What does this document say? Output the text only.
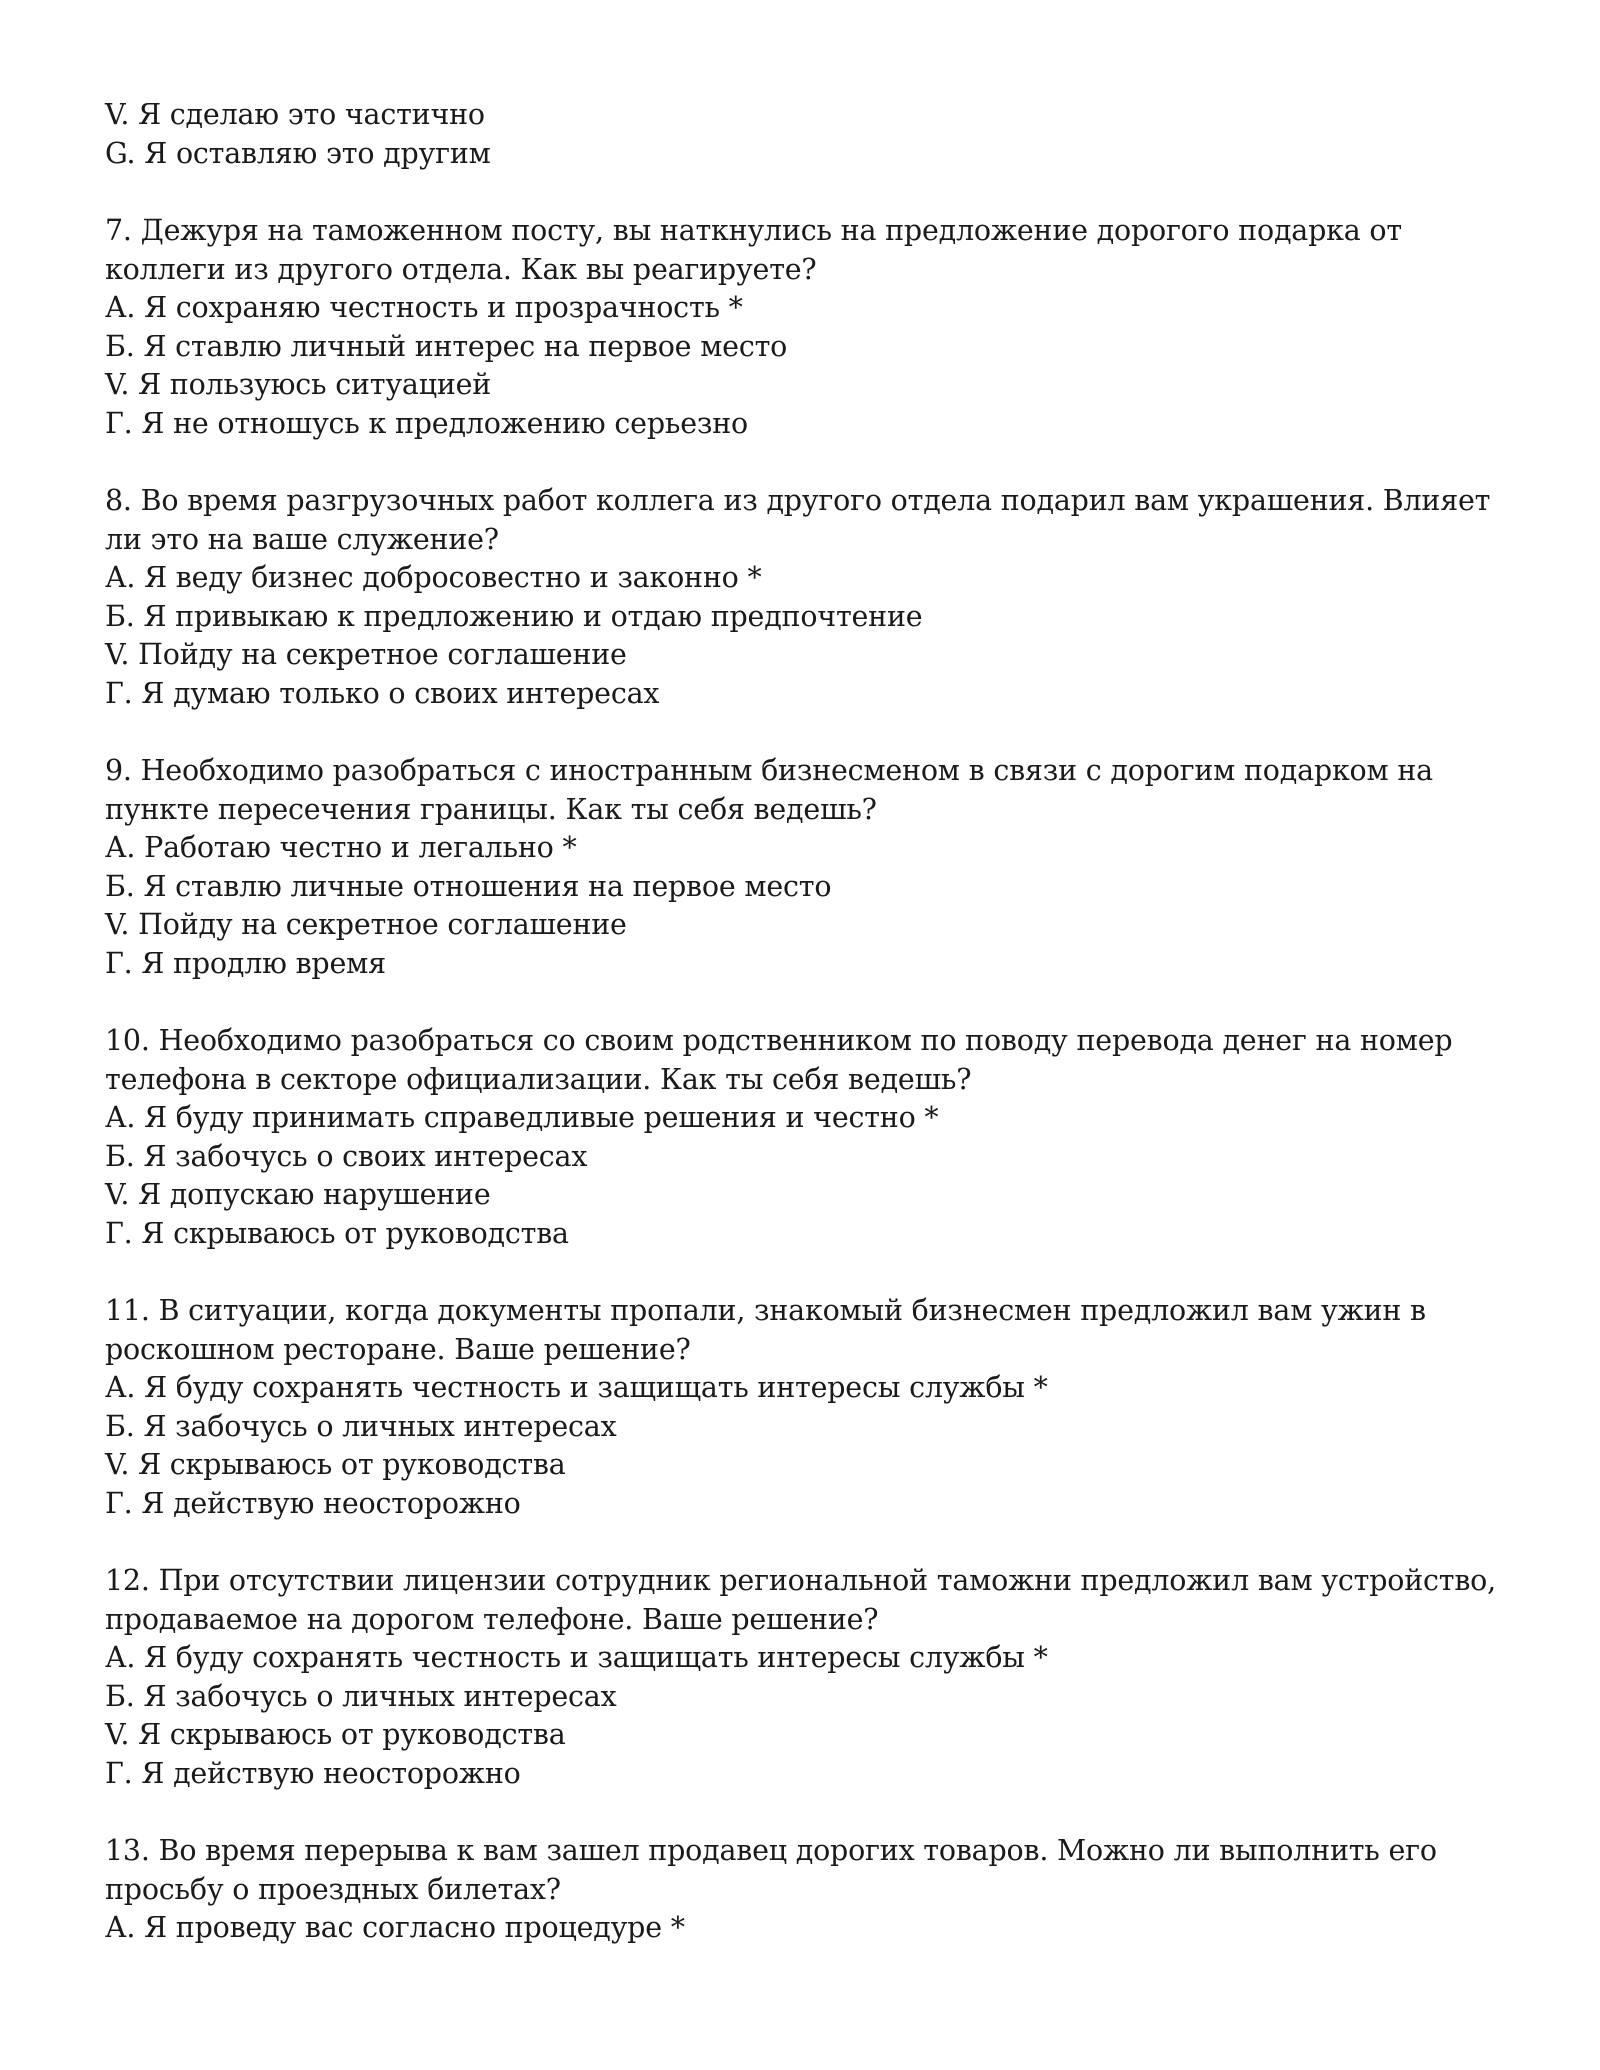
V. Я сделаю это частично
G. Я оставляю это другим
7. Дежуря на таможенном посту, вы наткнулись на предложение дорогого подарка от коллеги из другого отдела. Как вы реагируете?
А. Я сохраняю честность и прозрачность *
Б. Я ставлю личный интерес на первое место
V. Я пользуюсь ситуацией
Г. Я не отношусь к предложению серьезно
8. Во время разгрузочных работ коллега из другого отдела подарил вам украшения. Влияет ли это на ваше служение?
А. Я веду бизнес добросовестно и законно *
Б. Я привыкаю к предложению и отдаю предпочтение
V. Пойду на секретное соглашение
Г. Я думаю только о своих интересах
9. Необходимо разобраться с иностранным бизнесменом в связи с дорогим подарком на пункте пересечения границы. Как ты себя ведешь?
А. Работаю честно и легально *
Б. Я ставлю личные отношения на первое место
V. Пойду на секретное соглашение
Г. Я продлю время
10. Необходимо разобраться со своим родственником по поводу перевода денег на номер телефона в секторе официализации. Как ты себя ведешь?
А. Я буду принимать справедливые решения и честно *
Б. Я забочусь о своих интересах
V. Я допускаю нарушение
Г. Я скрываюсь от руководства
11. В ситуации, когда документы пропали, знакомый бизнесмен предложил вам ужин в роскошном ресторане. Ваше решение?
А. Я буду сохранять честность и защищать интересы службы *
Б. Я забочусь о личных интересах
V. Я скрываюсь от руководства
Г. Я действую неосторожно
12. При отсутствии лицензии сотрудник региональной таможни предложил вам устройство, продаваемое на дорогом телефоне. Ваше решение?
А. Я буду сохранять честность и защищать интересы службы *
Б. Я забочусь о личных интересах
V. Я скрываюсь от руководства
Г. Я действую неосторожно
13. Во время перерыва к вам зашел продавец дорогих товаров. Можно ли выполнить его просьбу о проездных билетах?
А. Я проведу вас согласно процедуре *
